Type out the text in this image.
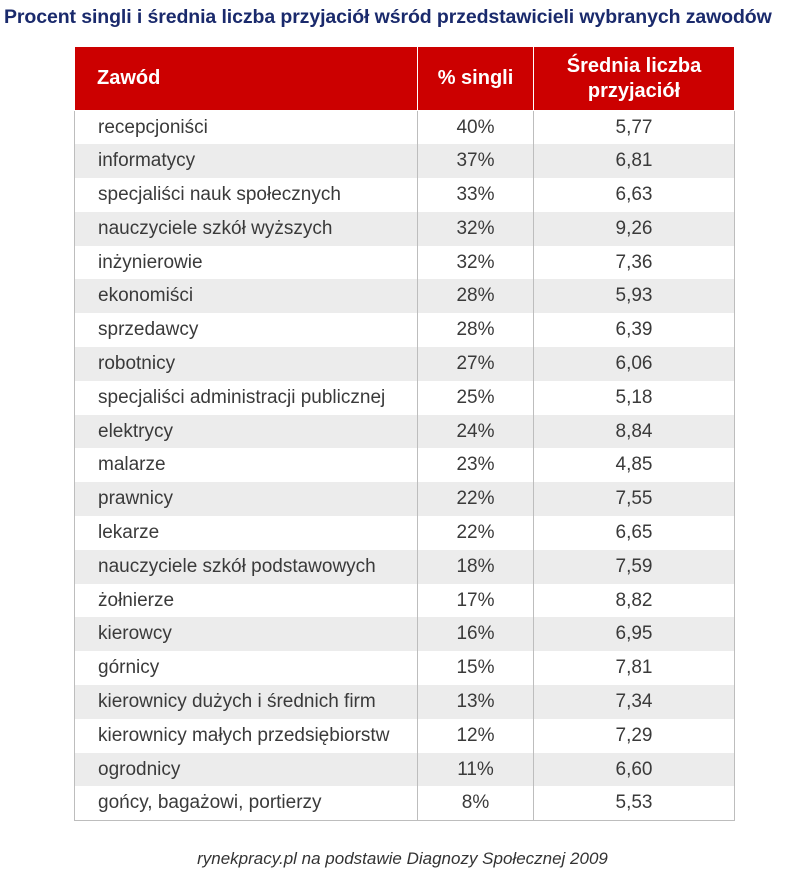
Procent singli i średnia liczba przyjaciół wśród przedstawicieli wybranych zawodów
Zawód	% singli	Średnia liczba
przyjaciół
recepcjoniści	40%	5,77
informatycy	37%	6,81
specjaliści nauk społecznych	33%	6,63
nauczyciele szkół wyższych	32%	9,26
inżynierowie	32%	7,36
ekonomiści	28%	5,93
sprzedawcy	28%	6,39
robotnicy	27%	6,06
specjaliści administracji publicznej	25%	5,18
elektrycy	24%	8,84
malarze	23%	4,85
prawnicy	22%	7,55
lekarze	22%	6,65
nauczyciele szkół podstawowych	18%	7,59
żołnierze	17%	8,82
kierowcy	16%	6,95
górnicy	15%	7,81
kierownicy dużych i średnich firm	13%	7,34
kierownicy małych przedsiębiorstw	12%	7,29
ogrodnicy	11%	6,60
gońcy, bagażowi, portierzy	8%	5,53
rynekpracy.pl na podstawie Diagnozy Społecznej 2009
